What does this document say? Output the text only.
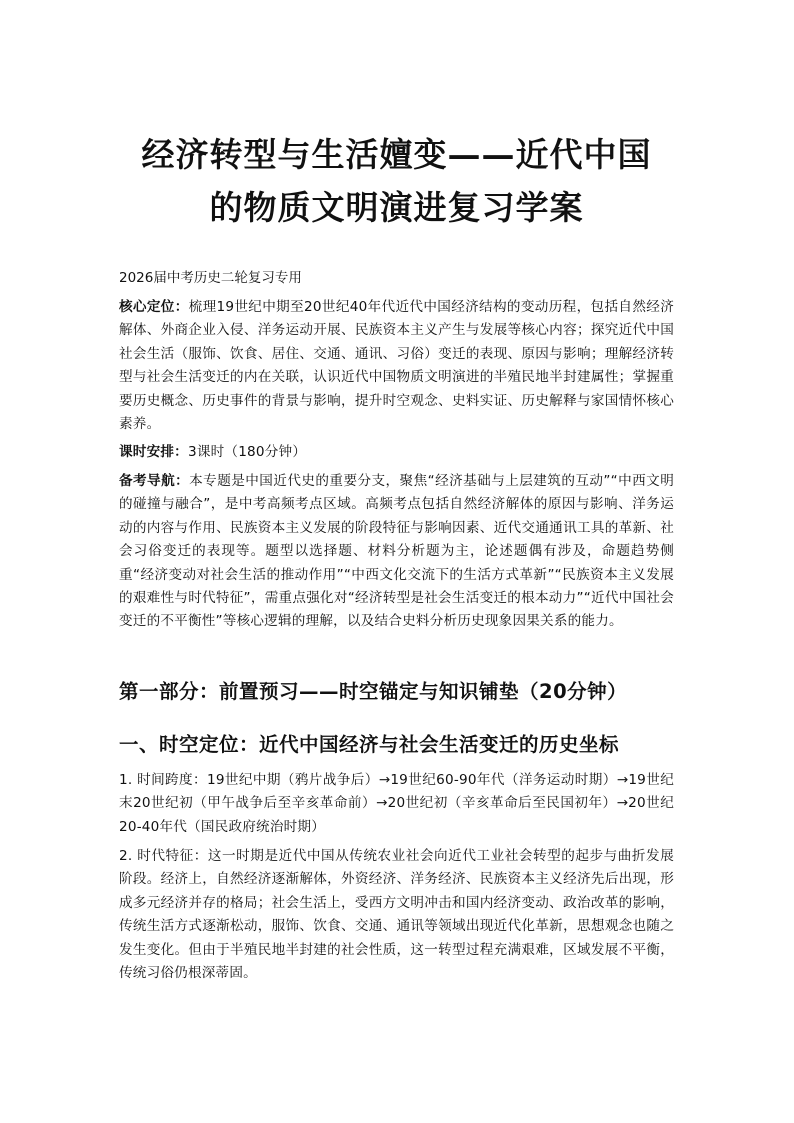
经济转型与生活嬗变——近代中国
的物质文明演进复习学案

2026届中考历史二轮复习专用

核心定位：梳理19世纪中期至20世纪40年代近代中国经济结构的变动历程，包括自然经济解体、外商企业入侵、洋务运动开展、民族资本主义产生与发展等核心内容；探究近代中国社会生活（服饰、饮食、居住、交通、通讯、习俗）变迁的表现、原因与影响；理解经济转型与社会生活变迁的内在关联，认识近代中国物质文明演进的半殖民地半封建属性；掌握重要历史概念、历史事件的背景与影响，提升时空观念、史料实证、历史解释与家国情怀核心素养。

课时安排：3课时（180分钟）

备考导航：本专题是中国近代史的重要分支，聚焦“经济基础与上层建筑的互动”“中西文明的碰撞与融合”，是中考高频考点区域。高频考点包括自然经济解体的原因与影响、洋务运动的内容与作用、民族资本主义发展的阶段特征与影响因素、近代交通通讯工具的革新、社会习俗变迁的表现等。题型以选择题、材料分析题为主，论述题偶有涉及，命题趋势侧重“经济变动对社会生活的推动作用”“中西文化交流下的生活方式革新”“民族资本主义发展的艰难性与时代特征”，需重点强化对“经济转型是社会生活变迁的根本动力”“近代中国社会变迁的不平衡性”等核心逻辑的理解，以及结合史料分析历史现象因果关系的能力。

第一部分：前置预习——时空锚定与知识铺垫（20分钟）
一、时空定位：近代中国经济与社会生活变迁的历史坐标

1. 时间跨度：19世纪中期（鸦片战争后）→19世纪60-90年代（洋务运动时期）→19世纪末20世纪初（甲午战争后至辛亥革命前）→20世纪初（辛亥革命后至民国初年）→20世纪20-40年代（国民政府统治时期）

2. 时代特征：这一时期是近代中国从传统农业社会向近代工业社会转型的起步与曲折发展阶段。经济上，自然经济逐渐解体，外资经济、洋务经济、民族资本主义经济先后出现，形成多元经济并存的格局；社会生活上，受西方文明冲击和国内经济变动、政治改革的影响，传统生活方式逐渐松动，服饰、饮食、交通、通讯等领域出现近代化革新，思想观念也随之发生变化。但由于半殖民地半封建的社会性质，这一转型过程充满艰难，区域发展不平衡，传统习俗仍根深蒂固。
